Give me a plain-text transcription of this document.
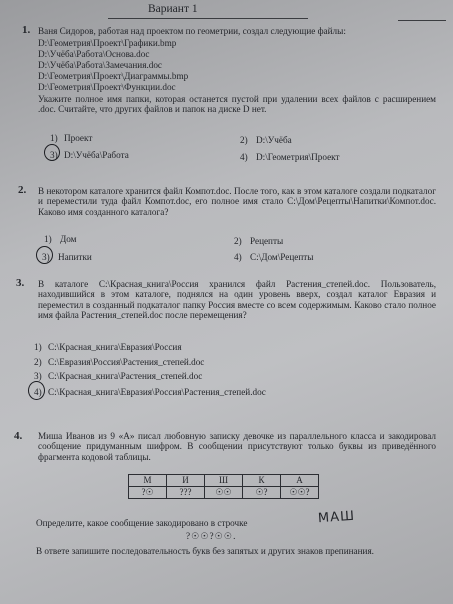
Вариант 1
1. Ваня Сидоров, работая над проектом по геометрии, создал следующие файлы:
D:\Геометрия\Проект\Графики.bmp
D:\Учёба\Работа\Основа.doc
D:\Учёба\Работа\Замечания.doc
D:\Геометрия\Проект\Диаграммы.bmp
D:\Геометрия\Проект\Функции.doc
Укажите полное имя папки, которая останется пустой при удалении всех файлов с расширением .doc. Считайте, что других файлов и папок на диске D нет.
1) Проект	2) D:\Учёба
3) D:\Учёба\Работа	4) D:\Геометрия\Проект
2. В некотором каталоге хранится файл Компот.doc. После того, как в этом каталоге создали подкаталог и переместили туда файл Компот.doc, его полное имя стало C:\Дом\Рецепты\Напитки\Компот.doc. Каково имя созданного каталога?
1) Дом	2) Рецепты
3) Напитки	4) С:\Дом\Рецепты
3. В каталоге C:\Красная_книга\Россия хранился файл Растения_степей.doc. Пользователь, находившийся в этом каталоге, поднялся на один уровень вверх, создал каталог Евразия и переместил в созданный подкаталог папку Россия вместе со всем содержимым. Каково стало полное имя файла Растения_степей.doc после перемещения?
1) С:\Красная_книга\Евразия\Россия
2) С:\Евразия\Россия\Растения_степей.doc
3) С:\Красная_книга\Растения_степей.doc
4) С:\Красная_книга\Евразия\Россия\Растения_степей.doc
4. Миша Иванов из 9 «А» писал любовную записку девочке из параллельного класса и закодировал сообщение придуманным шифром. В сообщении присутствуют только буквы из приведённого фрагмента кодовой таблицы.
М	И	Ш	К	А
?☉	???	☉☉	☉?	☉☉?
Определите, какое сообщение закодировано в строчке
?☉☉?☉☉.
МАШ
В ответе запишите последовательность букв без запятых и других знаков препинания.
